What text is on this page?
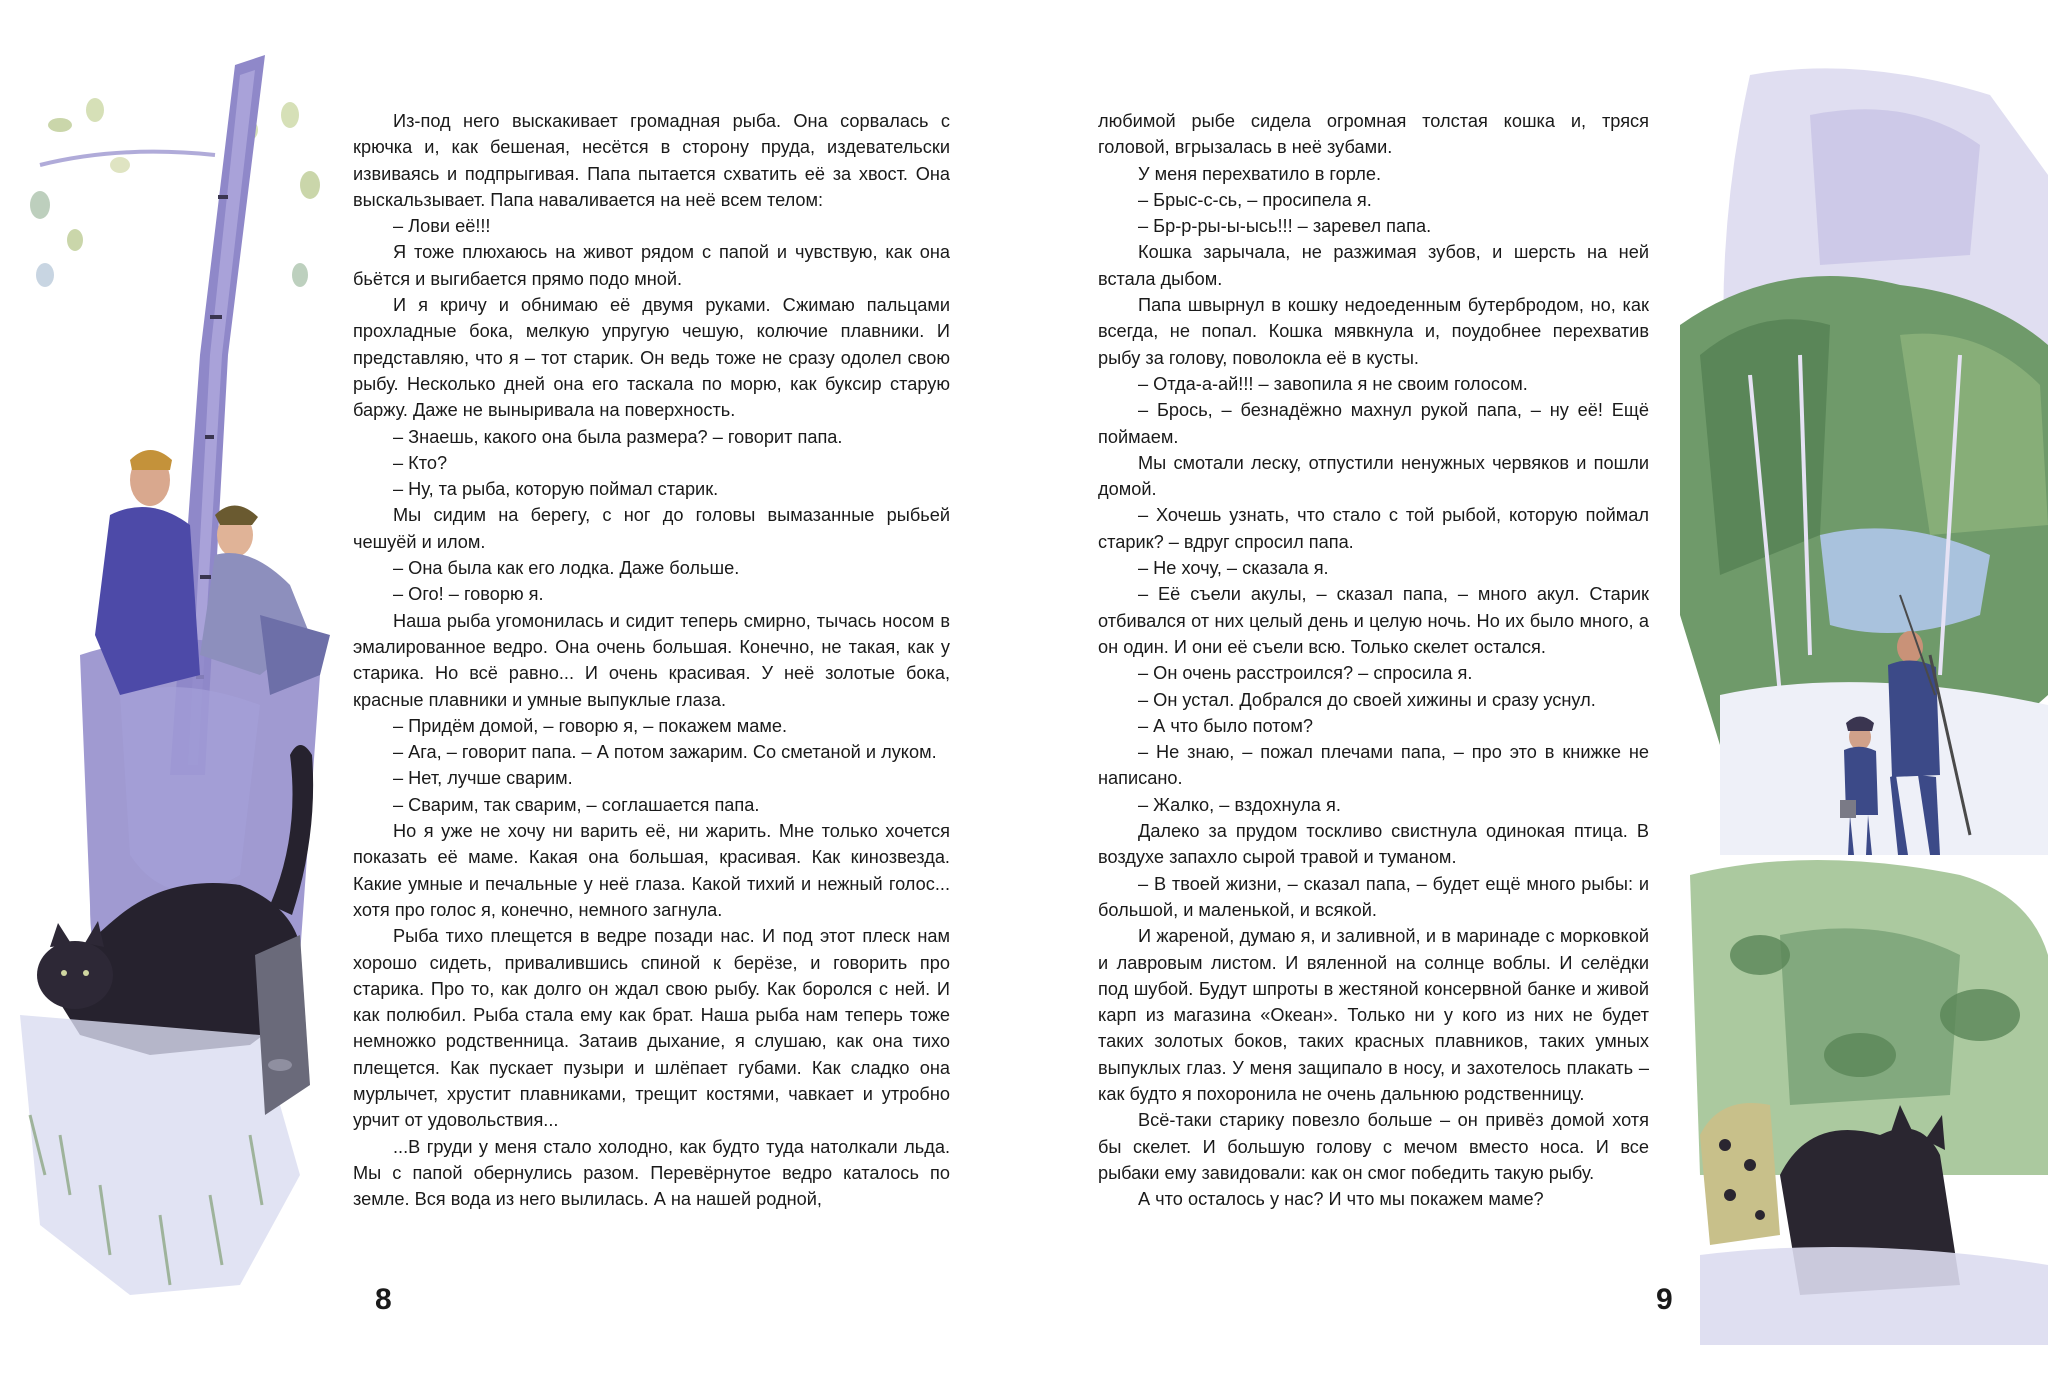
Из-под него выскакивает громадная рыба. Она сорвалась с крючка и, как бешеная, несётся в сторону пруда, издевательски извиваясь и подпрыгивая. Папа пытается схватить её за хвост. Она выскальзывает. Папа наваливается на неё всем телом:

– Лови её!!!

Я тоже плюхаюсь на живот рядом с папой и чувствую, как она бьётся и выгибается прямо подо мной.

И я кричу и обнимаю её двумя руками. Сжимаю пальцами прохладные бока, мелкую упругую чешую, колючие плавники. И представляю, что я – тот старик. Он ведь тоже не сразу одолел свою рыбу. Несколько дней она его таскала по морю, как буксир старую баржу. Даже не выныривала на поверхность.

– Знаешь, какого она была размера? – говорит папа.

– Кто?

– Ну, та рыба, которую поймал старик.

Мы сидим на берегу, с ног до головы вымазанные рыбьей чешуёй и илом.

– Она была как его лодка. Даже больше.

– Ого! – говорю я.

Наша рыба угомонилась и сидит теперь смирно, тычась носом в эмалированное ведро. Она очень большая. Конечно, не такая, как у старика. Но всё равно... И очень красивая. У неё золотые бока, красные плавники и умные выпуклые глаза.

– Придём домой, – говорю я, – покажем маме.

– Ага, – говорит папа. – А потом зажарим. Со сметаной и луком.

– Нет, лучше сварим.

– Сварим, так сварим, – соглашается папа.

Но я уже не хочу ни варить её, ни жарить. Мне только хочется показать её маме. Какая она большая, красивая. Как кинозвезда. Какие умные и печальные у неё глаза. Какой тихий и нежный голос... хотя про голос я, конечно, немного загнула.

Рыба тихо плещется в ведре позади нас. И под этот плеск нам хорошо сидеть, привалившись спиной к берёзе, и говорить про старика. Про то, как долго он ждал свою рыбу. Как боролся с ней. И как полюбил. Рыба стала ему как брат. Наша рыба нам теперь тоже немножко родственница. Затаив дыхание, я слушаю, как она тихо плещется. Как пускает пузыри и шлёпает губами. Как сладко она мурлычет, хрустит плавниками, трещит костями, чавкает и утробно урчит от удовольствия...

...В груди у меня стало холодно, как будто туда натолкали льда. Мы с папой обернулись разом. Перевёрнутое ведро каталось по земле. Вся вода из него вылилась. А на нашей родной,

8

любимой рыбе сидела огромная толстая кошка и, тряся головой, вгрызалась в неё зубами.

У меня перехватило в горле.

– Брыс-с-сь, – просипела я.

– Бр-р-ры-ы-ысь!!! – заревел папа.

Кошка зарычала, не разжимая зубов, и шерсть на ней встала дыбом.

Папа швырнул в кошку недоеденным бутербродом, но, как всегда, не попал. Кошка мявкнула и, поудобнее перехватив рыбу за голову, поволокла её в кусты.

– Отда-а-ай!!! – завопила я не своим голосом.

– Брось, – безнадёжно махнул рукой папа, – ну её! Ещё поймаем.

Мы смотали леску, отпустили ненужных червяков и пошли домой.

– Хочешь узнать, что стало с той рыбой, которую поймал старик? – вдруг спросил папа.

– Не хочу, – сказала я.

– Её съели акулы, – сказал папа, – много акул. Старик отбивался от них целый день и целую ночь. Но их было много, а он один. И они её съели всю. Только скелет остался.

– Он очень расстроился? – спросила я.

– Он устал. Добрался до своей хижины и сразу уснул.

– А что было потом?

– Не знаю, – пожал плечами папа, – про это в книжке не написано.

– Жалко, – вздохнула я.

Далеко за прудом тоскливо свистнула одинокая птица. В воздухе запахло сырой травой и туманом.

– В твоей жизни, – сказал папа, – будет ещё много рыбы: и большой, и маленькой, и всякой.

И жареной, думаю я, и заливной, и в маринаде с морковкой и лавровым листом. И вяленной на солнце воблы. И селёдки под шубой. Будут шпроты в жестяной консервной банке и живой карп из магазина «Океан». Только ни у кого из них не будет таких золотых боков, таких красных плавников, таких умных выпуклых глаз. У меня защипало в носу, и захотелось плакать – как будто я похоронила не очень дальнюю родственницу.

Всё-таки старику повезло больше – он привёз домой хотя бы скелет. И большую голову с мечом вместо носа. И все рыбаки ему завидовали: как он смог победить такую рыбу.

А что осталось у нас? И что мы покажем маме?

9
